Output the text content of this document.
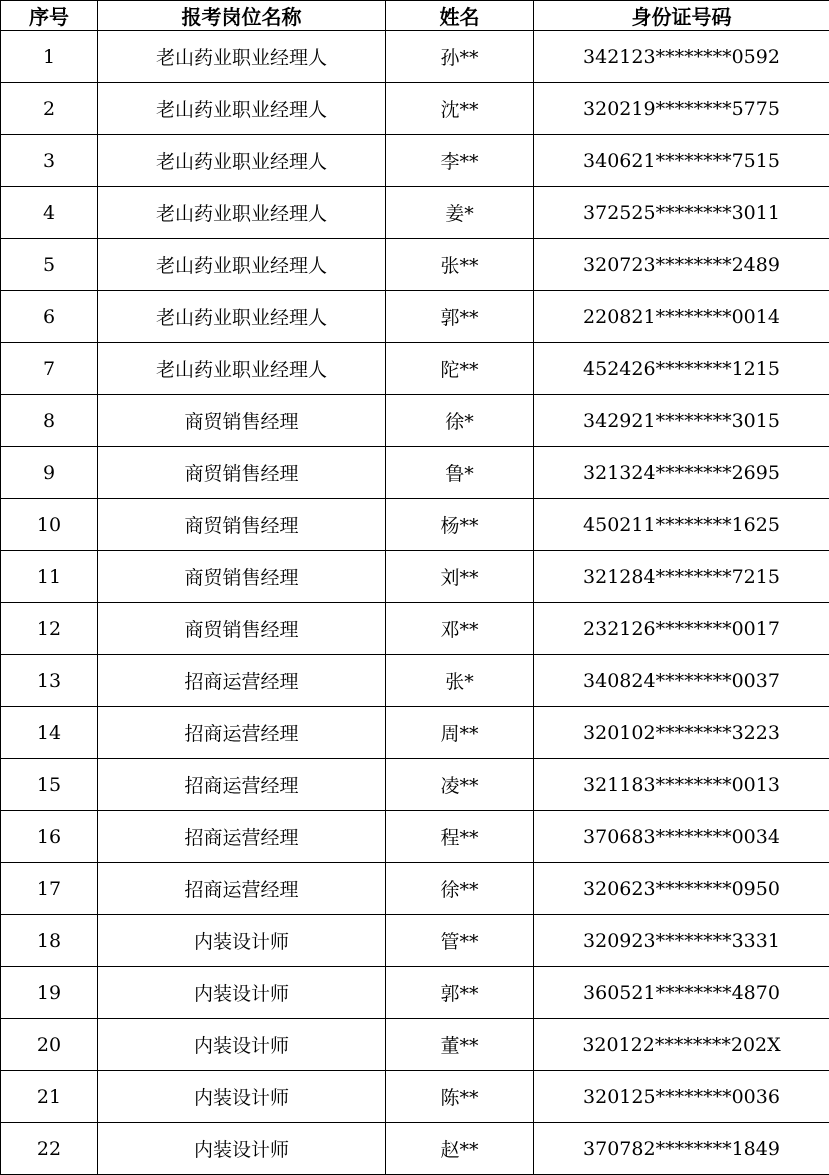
序号	报考岗位名称	姓名	身份证号码
1	老山药业职业经理人	孙**	342123********0592
2	老山药业职业经理人	沈**	320219********5775
3	老山药业职业经理人	李**	340621********7515
4	老山药业职业经理人	姜*	372525********3011
5	老山药业职业经理人	张**	320723********2489
6	老山药业职业经理人	郭**	220821********0014
7	老山药业职业经理人	陀**	452426********1215
8	商贸销售经理	徐*	342921********3015
9	商贸销售经理	鲁*	321324********2695
10	商贸销售经理	杨**	450211********1625
11	商贸销售经理	刘**	321284********7215
12	商贸销售经理	邓**	232126********0017
13	招商运营经理	张*	340824********0037
14	招商运营经理	周**	320102********3223
15	招商运营经理	凌**	321183********0013
16	招商运营经理	程**	370683********0034
17	招商运营经理	徐**	320623********0950
18	内装设计师	管**	320923********3331
19	内装设计师	郭**	360521********4870
20	内装设计师	董**	320122********202X
21	内装设计师	陈**	320125********0036
22	内装设计师	赵**	370782********1849
